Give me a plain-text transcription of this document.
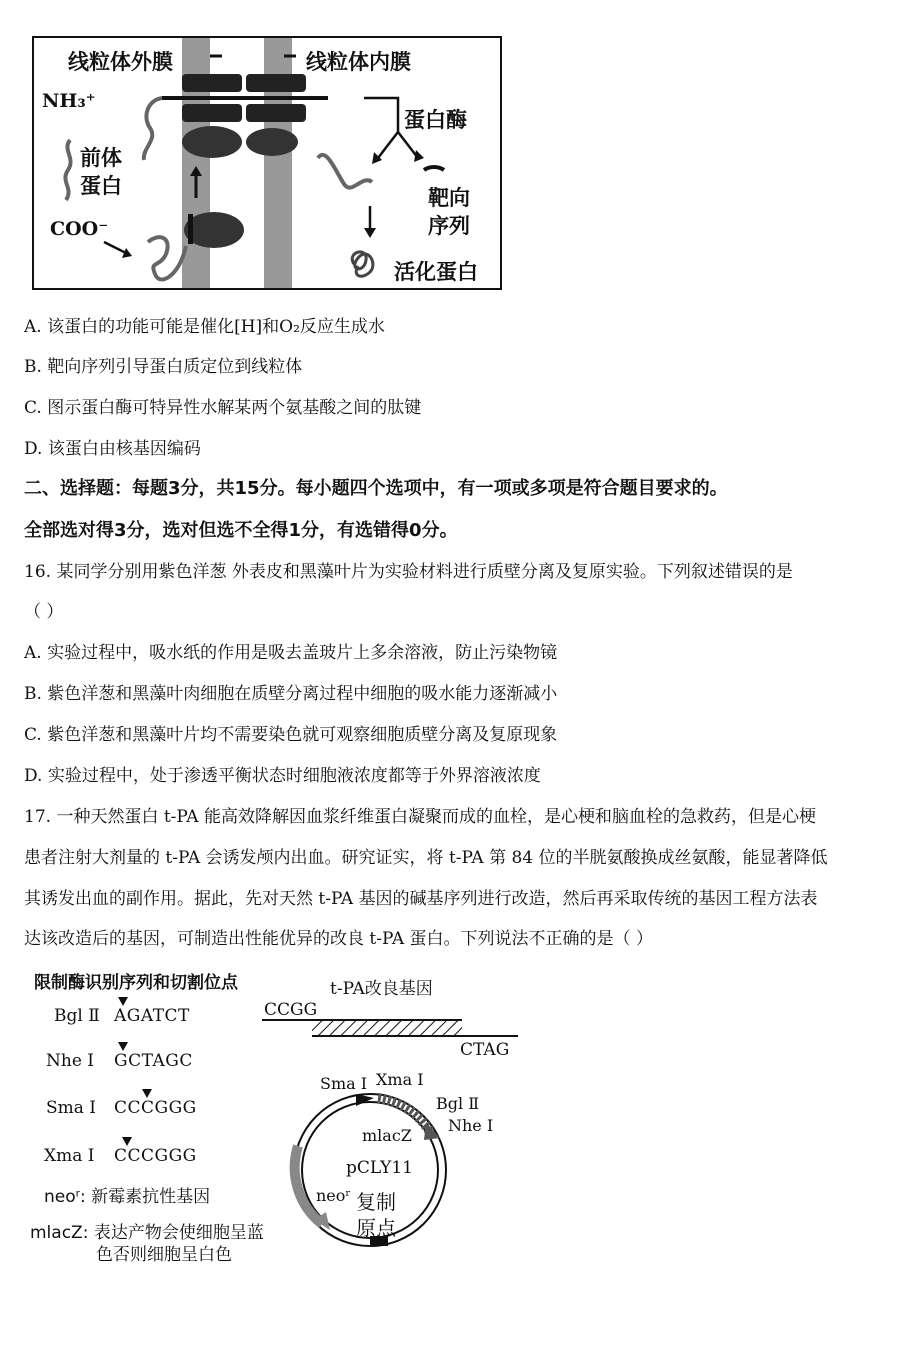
线粒体外膜	线粒体内膜
NH₃⁺
前体
蛋白
COO⁻
蛋白酶
靶向
序列
活化蛋白
A. 该蛋白的功能可能是催化[H]和O₂反应生成水
B. 靶向序列引导蛋白质定位到线粒体
C. 图示蛋白酶可特异性水解某两个氨基酸之间的肽键
D. 该蛋白由核基因编码
二、选择题：每题3分，共15分。每小题四个选项中，有一项或多项是符合题目要求的。
全部选对得3分，选对但选不全得1分，有选错得0分。
16. 某同学分别用紫色洋葱 外表皮和黑藻叶片为实验材料进行质壁分离及复原实验。下列叙述错误的是
（ ）
A. 实验过程中，吸水纸的作用是吸去盖玻片上多余溶液，防止污染物镜
B. 紫色洋葱和黑藻叶肉细胞在质壁分离过程中细胞的吸水能力逐渐减小
C. 紫色洋葱和黑藻叶片均不需要染色就可观察细胞质壁分离及复原现象
D. 实验过程中，处于渗透平衡状态时细胞液浓度都等于外界溶液浓度
17. 一种天然蛋白 t-PA 能高效降解因血浆纤维蛋白凝聚而成的血栓，是心梗和脑血栓的急救药，但是心梗
患者注射大剂量的 t-PA 会诱发颅内出血。研究证实，将 t-PA 第 84 位的半胱氨酸换成丝氨酸，能显著降低
其诱发出血的副作用。据此，先对天然 t-PA 基因的碱基序列进行改造，然后再采取传统的基因工程方法表
达该改造后的基因，可制造出性能优异的改良 t-PA 蛋白。下列说法不正确的是（ ）
限制酶识别序列和切割位点
Bgl Ⅱ AGATCT
Nhe Ⅰ GCTAGC
Sma Ⅰ CCCGGG
Xma Ⅰ CCCGGG
neoʳ: 新霉素抗性基因
mlacZ: 表达产物会使细胞呈蓝
色否则细胞呈白色
t-PA改良基因
CCGG
CTAG
Sma Ⅰ Xma Ⅰ
Bgl Ⅱ
Nhe Ⅰ
mlacZ
pCLY11
neoʳ 复制
原点
